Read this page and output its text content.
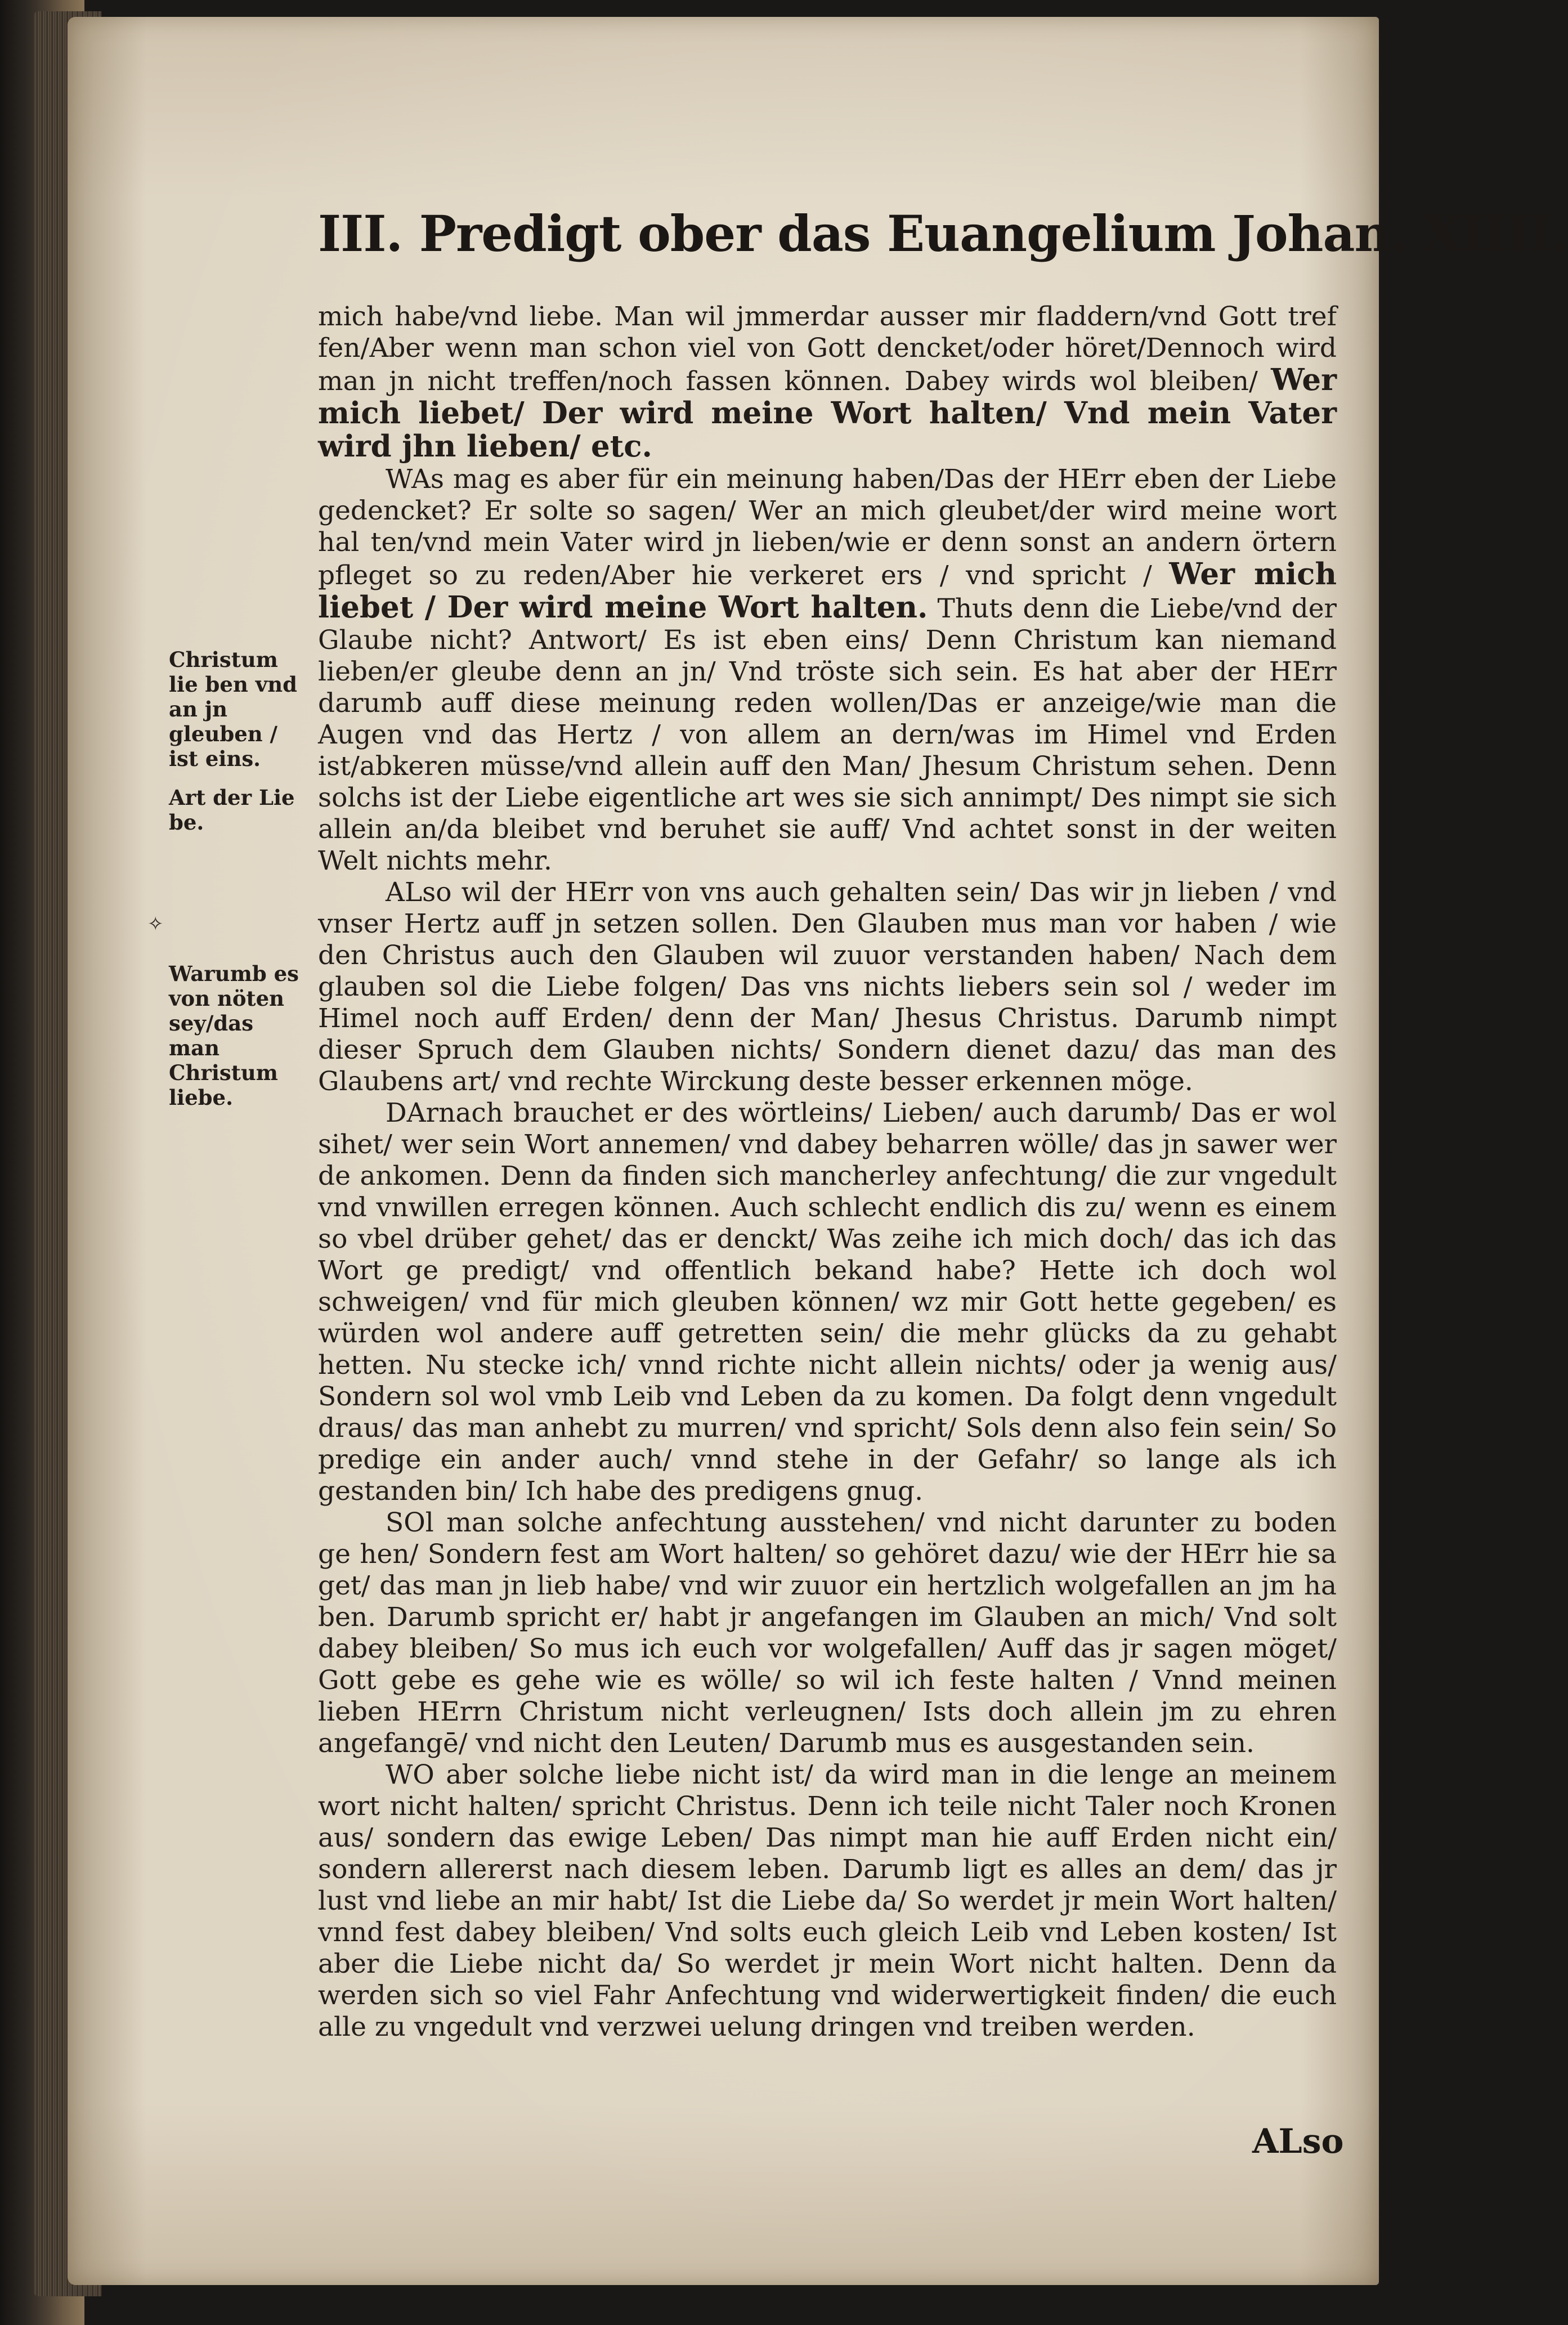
III. Predigt ober das Euangelium Johan. XIIII.
Christum lie ben vnd an jn gleuben / ist eins.
Art der Lie be.
✧
Warumb es von nöten sey/das man Christum liebe.

mich habe/vnd liebe. Man wil jmmerdar ausser mir fladdern/vnd Gott tref fen/Aber wenn man schon viel von Gott dencket/oder höret/Dennoch wird man jn nicht treffen/noch fassen können. Dabey wirds wol bleiben/ Wer mich liebet/ Der wird meine Wort halten/ Vnd mein Vater wird jhn lieben/ etc.

WAs mag es aber für ein meinung haben/Das der HErr eben der Liebe gedencket? Er solte so sagen/ Wer an mich gleubet/der wird meine wort hal ten/vnd mein Vater wird jn lieben/wie er denn sonst an andern örtern pfleget so zu reden/Aber hie verkeret ers / vnd spricht / Wer mich liebet / Der wird meine Wort halten. Thuts denn die Liebe/vnd der Glaube nicht? Antwort/ Es ist eben eins/ Denn Christum kan niemand lieben/er gleube denn an jn/ Vnd tröste sich sein. Es hat aber der HErr darumb auff diese meinung reden wollen/Das er anzeige/wie man die Augen vnd das Hertz / von allem an dern/was im Himel vnd Erden ist/abkeren müsse/vnd allein auff den Man/ Jhesum Christum sehen. Denn solchs ist der Liebe eigentliche art wes sie sich annimpt/ Des nimpt sie sich allein an/da bleibet vnd beruhet sie auff/ Vnd achtet sonst in der weiten Welt nichts mehr.

ALso wil der HErr von vns auch gehalten sein/ Das wir jn lieben / vnd vnser Hertz auff jn setzen sollen. Den Glauben mus man vor haben / wie den Christus auch den Glauben wil zuuor verstanden haben/ Nach dem glauben sol die Liebe folgen/ Das vns nichts liebers sein sol / weder im Himel noch auff Erden/ denn der Man/ Jhesus Christus. Darumb nimpt dieser Spruch dem Glauben nichts/ Sondern dienet dazu/ das man des Glaubens art/ vnd rechte Wirckung deste besser erkennen möge.

DArnach brauchet er des wörtleins/ Lieben/ auch darumb/ Das er wol sihet/ wer sein Wort annemen/ vnd dabey beharren wölle/ das jn sawer wer de ankomen. Denn da finden sich mancherley anfechtung/ die zur vngedult vnd vnwillen erregen können. Auch schlecht endlich dis zu/ wenn es einem so vbel drüber gehet/ das er denckt/ Was zeihe ich mich doch/ das ich das Wort ge predigt/ vnd offentlich bekand habe? Hette ich doch wol schweigen/ vnd für mich gleuben können/ wz mir Gott hette gegeben/ es würden wol andere auff getretten sein/ die mehr glücks da zu gehabt hetten. Nu stecke ich/ vnnd richte nicht allein nichts/ oder ja wenig aus/ Sondern sol wol vmb Leib vnd Leben da zu komen. Da folgt denn vngedult draus/ das man anhebt zu murren/ vnd spricht/ Sols denn also fein sein/ So predige ein ander auch/ vnnd stehe in der Gefahr/ so lange als ich gestanden bin/ Ich habe des predigens gnug.

SOl man solche anfechtung ausstehen/ vnd nicht darunter zu boden ge hen/ Sondern fest am Wort halten/ so gehöret dazu/ wie der HErr hie sa get/ das man jn lieb habe/ vnd wir zuuor ein hertzlich wolgefallen an jm ha ben. Darumb spricht er/ habt jr angefangen im Glauben an mich/ Vnd solt dabey bleiben/ So mus ich euch vor wolgefallen/ Auff das jr sagen möget/ Gott gebe es gehe wie es wölle/ so wil ich feste halten / Vnnd meinen lieben HErrn Christum nicht verleugnen/ Ists doch allein jm zu ehren angefangē/ vnd nicht den Leuten/ Darumb mus es ausgestanden sein.

WO aber solche liebe nicht ist/ da wird man in die lenge an meinem wort nicht halten/ spricht Christus. Denn ich teile nicht Taler noch Kronen aus/ sondern das ewige Leben/ Das nimpt man hie auff Erden nicht ein/ sondern allererst nach diesem leben. Darumb ligt es alles an dem/ das jr lust vnd liebe an mir habt/ Ist die Liebe da/ So werdet jr mein Wort halten/ vnnd fest dabey bleiben/ Vnd solts euch gleich Leib vnd Leben kosten/ Ist aber die Liebe nicht da/ So werdet jr mein Wort nicht halten. Denn da werden sich so viel Fahr Anfechtung vnd widerwertigkeit finden/ die euch alle zu vngedult vnd verzwei uelung dringen vnd treiben werden.

ALso
